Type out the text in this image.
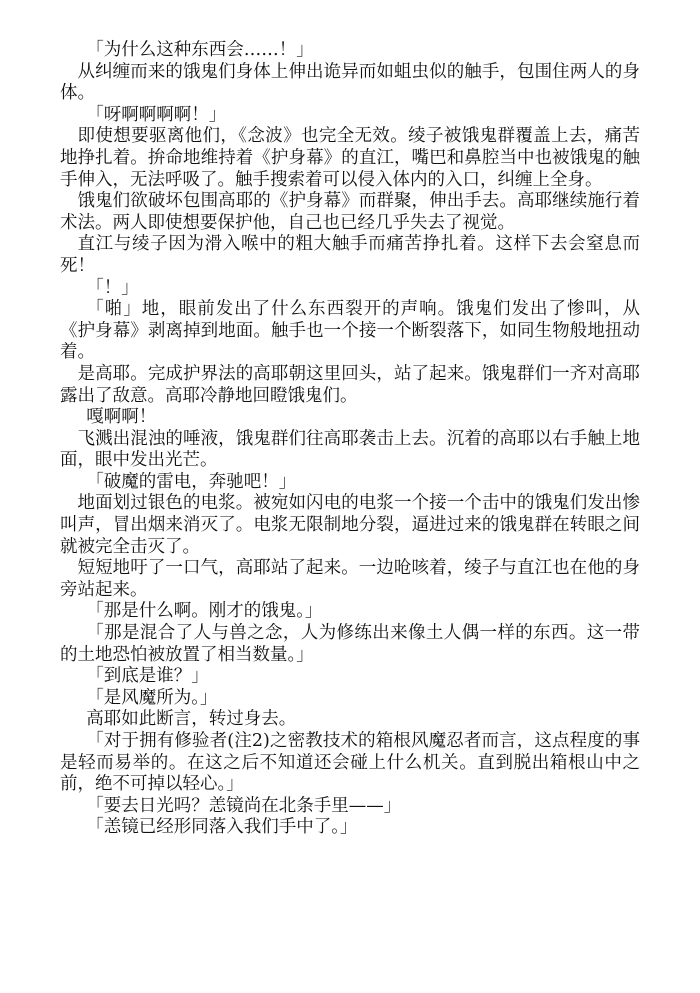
「为什么这种东西会……！」

从纠缠而来的饿鬼们身体上伸出诡异而如蛆虫似的触手，包围住两人的身体。

「呀啊啊啊啊！」

即使想要驱离他们，《念波》也完全无效。绫子被饿鬼群覆盖上去，痛苦地挣扎着。拚命地维持着《护身幕》的直江，嘴巴和鼻腔当中也被饿鬼的触手伸入，无法呼吸了。触手搜索着可以侵入体内的入口，纠缠上全身。

饿鬼们欲破坏包围高耶的《护身幕》而群聚，伸出手去。高耶继续施行着术法。两人即使想要保护他，自己也已经几乎失去了视觉。

直江与绫子因为滑入喉中的粗大触手而痛苦挣扎着。这样下去会窒息而死！

「！」

「啪」地，眼前发出了什么东西裂开的声响。饿鬼们发出了惨叫，从《护身幕》剥离掉到地面。触手也一个接一个断裂落下，如同生物般地扭动着。

是高耶。完成护界法的高耶朝这里回头，站了起来。饿鬼群们一齐对高耶露出了敌意。高耶冷静地回瞪饿鬼们。

嘎啊啊！

飞溅出混浊的唾液，饿鬼群们往高耶袭击上去。沉着的高耶以右手触上地面，眼中发出光芒。

「破魔的雷电，奔驰吧！」

地面划过银色的电浆。被宛如闪电的电浆一个接一个击中的饿鬼们发出惨叫声，冒出烟来消灭了。电浆无限制地分裂，逼进过来的饿鬼群在转眼之间就被完全击灭了。

短短地吁了一口气，高耶站了起来。一边呛咳着，绫子与直江也在他的身旁站起来。

「那是什么啊。刚才的饿鬼。」

「那是混合了人与兽之念，人为修练出来像土人偶一样的东西。这一带的土地恐怕被放置了相当数量。」

「到底是谁？」

「是风魔所为。」

高耶如此断言，转过身去。

「对于拥有修验者(注2)之密教技术的箱根风魔忍者而言，这点程度的事是轻而易举的。在这之后不知道还会碰上什么机关。直到脱出箱根山中之前，绝不可掉以轻心。」

「要去日光吗？恙镜尚在北条手里——」

「恙镜已经形同落入我们手中了。」
